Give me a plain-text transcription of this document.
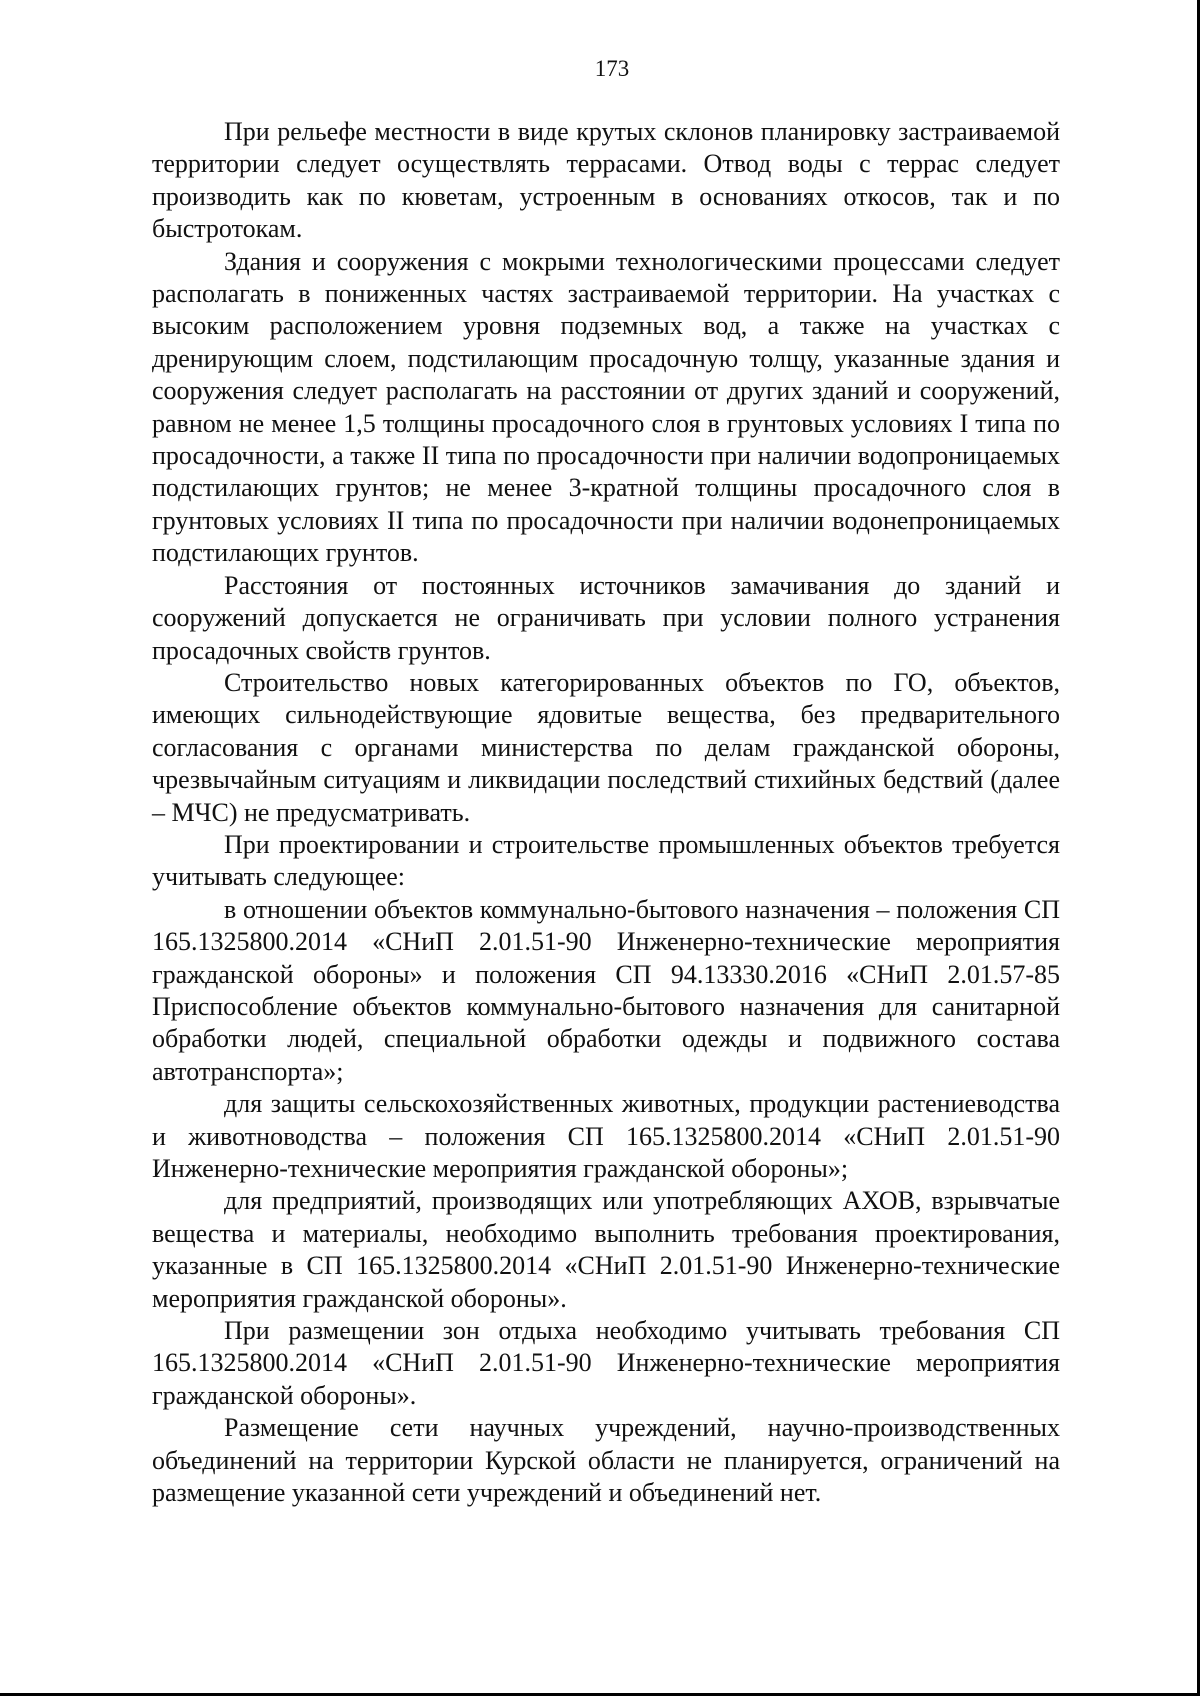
173

При рельефе местности в виде крутых склонов планировку застраиваемой территории следует осуществлять террасами. Отвод воды с террас следует производить как по кюветам, устроенным в основаниях откосов, так и по быстротокам.

Здания и сооружения с мокрыми технологическими процессами следует располагать в пониженных частях застраиваемой территории. На участках с высоким расположением уровня подземных вод, а также на участках с дренирующим слоем, подстилающим просадочную толщу, указанные здания и сооружения следует располагать на расстоянии от других зданий и сооружений, равном не менее 1,5 толщины просадочного слоя в грунтовых условиях I типа по просадочности, а также II типа по просадочности при наличии водопроницаемых подстилающих грунтов; не менее 3-кратной толщины просадочного слоя в грунтовых условиях II типа по просадочности при наличии водонепроницаемых подстилающих грунтов.

Расстояния от постоянных источников замачивания до зданий и сооружений допускается не ограничивать при условии полного устранения просадочных свойств грунтов.

Строительство новых категорированных объектов по ГО, объектов, имеющих сильнодействующие ядовитые вещества, без предварительного согласования с органами министерства по делам гражданской обороны, чрезвычайным ситуациям и ликвидации последствий стихийных бедствий (далее – МЧС) не предусматривать.

При проектировании и строительстве промышленных объектов требуется учитывать следующее:

в отношении объектов коммунально-бытового назначения – положения СП 165.1325800.2014 «СНиП 2.01.51-90 Инженерно-технические мероприятия гражданской обороны» и положения СП 94.13330.2016 «СНиП 2.01.57-85 Приспособление объектов коммунально-бытового назначения для санитарной обработки людей, специальной обработки одежды и подвижного состава автотранспорта»;

для защиты сельскохозяйственных животных, продукции растениеводства и животноводства – положения СП 165.1325800.2014 «СНиП 2.01.51-90 Инженерно-технические мероприятия гражданской обороны»;

для предприятий, производящих или употребляющих АХОВ, взрывчатые вещества и материалы, необходимо выполнить требования проектирования, указанные в СП 165.1325800.2014 «СНиП 2.01.51-90 Инженерно-технические мероприятия гражданской обороны».

При размещении зон отдыха необходимо учитывать требования СП 165.1325800.2014 «СНиП 2.01.51-90 Инженерно-технические мероприятия гражданской обороны».

Размещение сети научных учреждений, научно-производственных объединений на территории Курской области не планируется, ограничений на размещение указанной сети учреждений и объединений нет.
